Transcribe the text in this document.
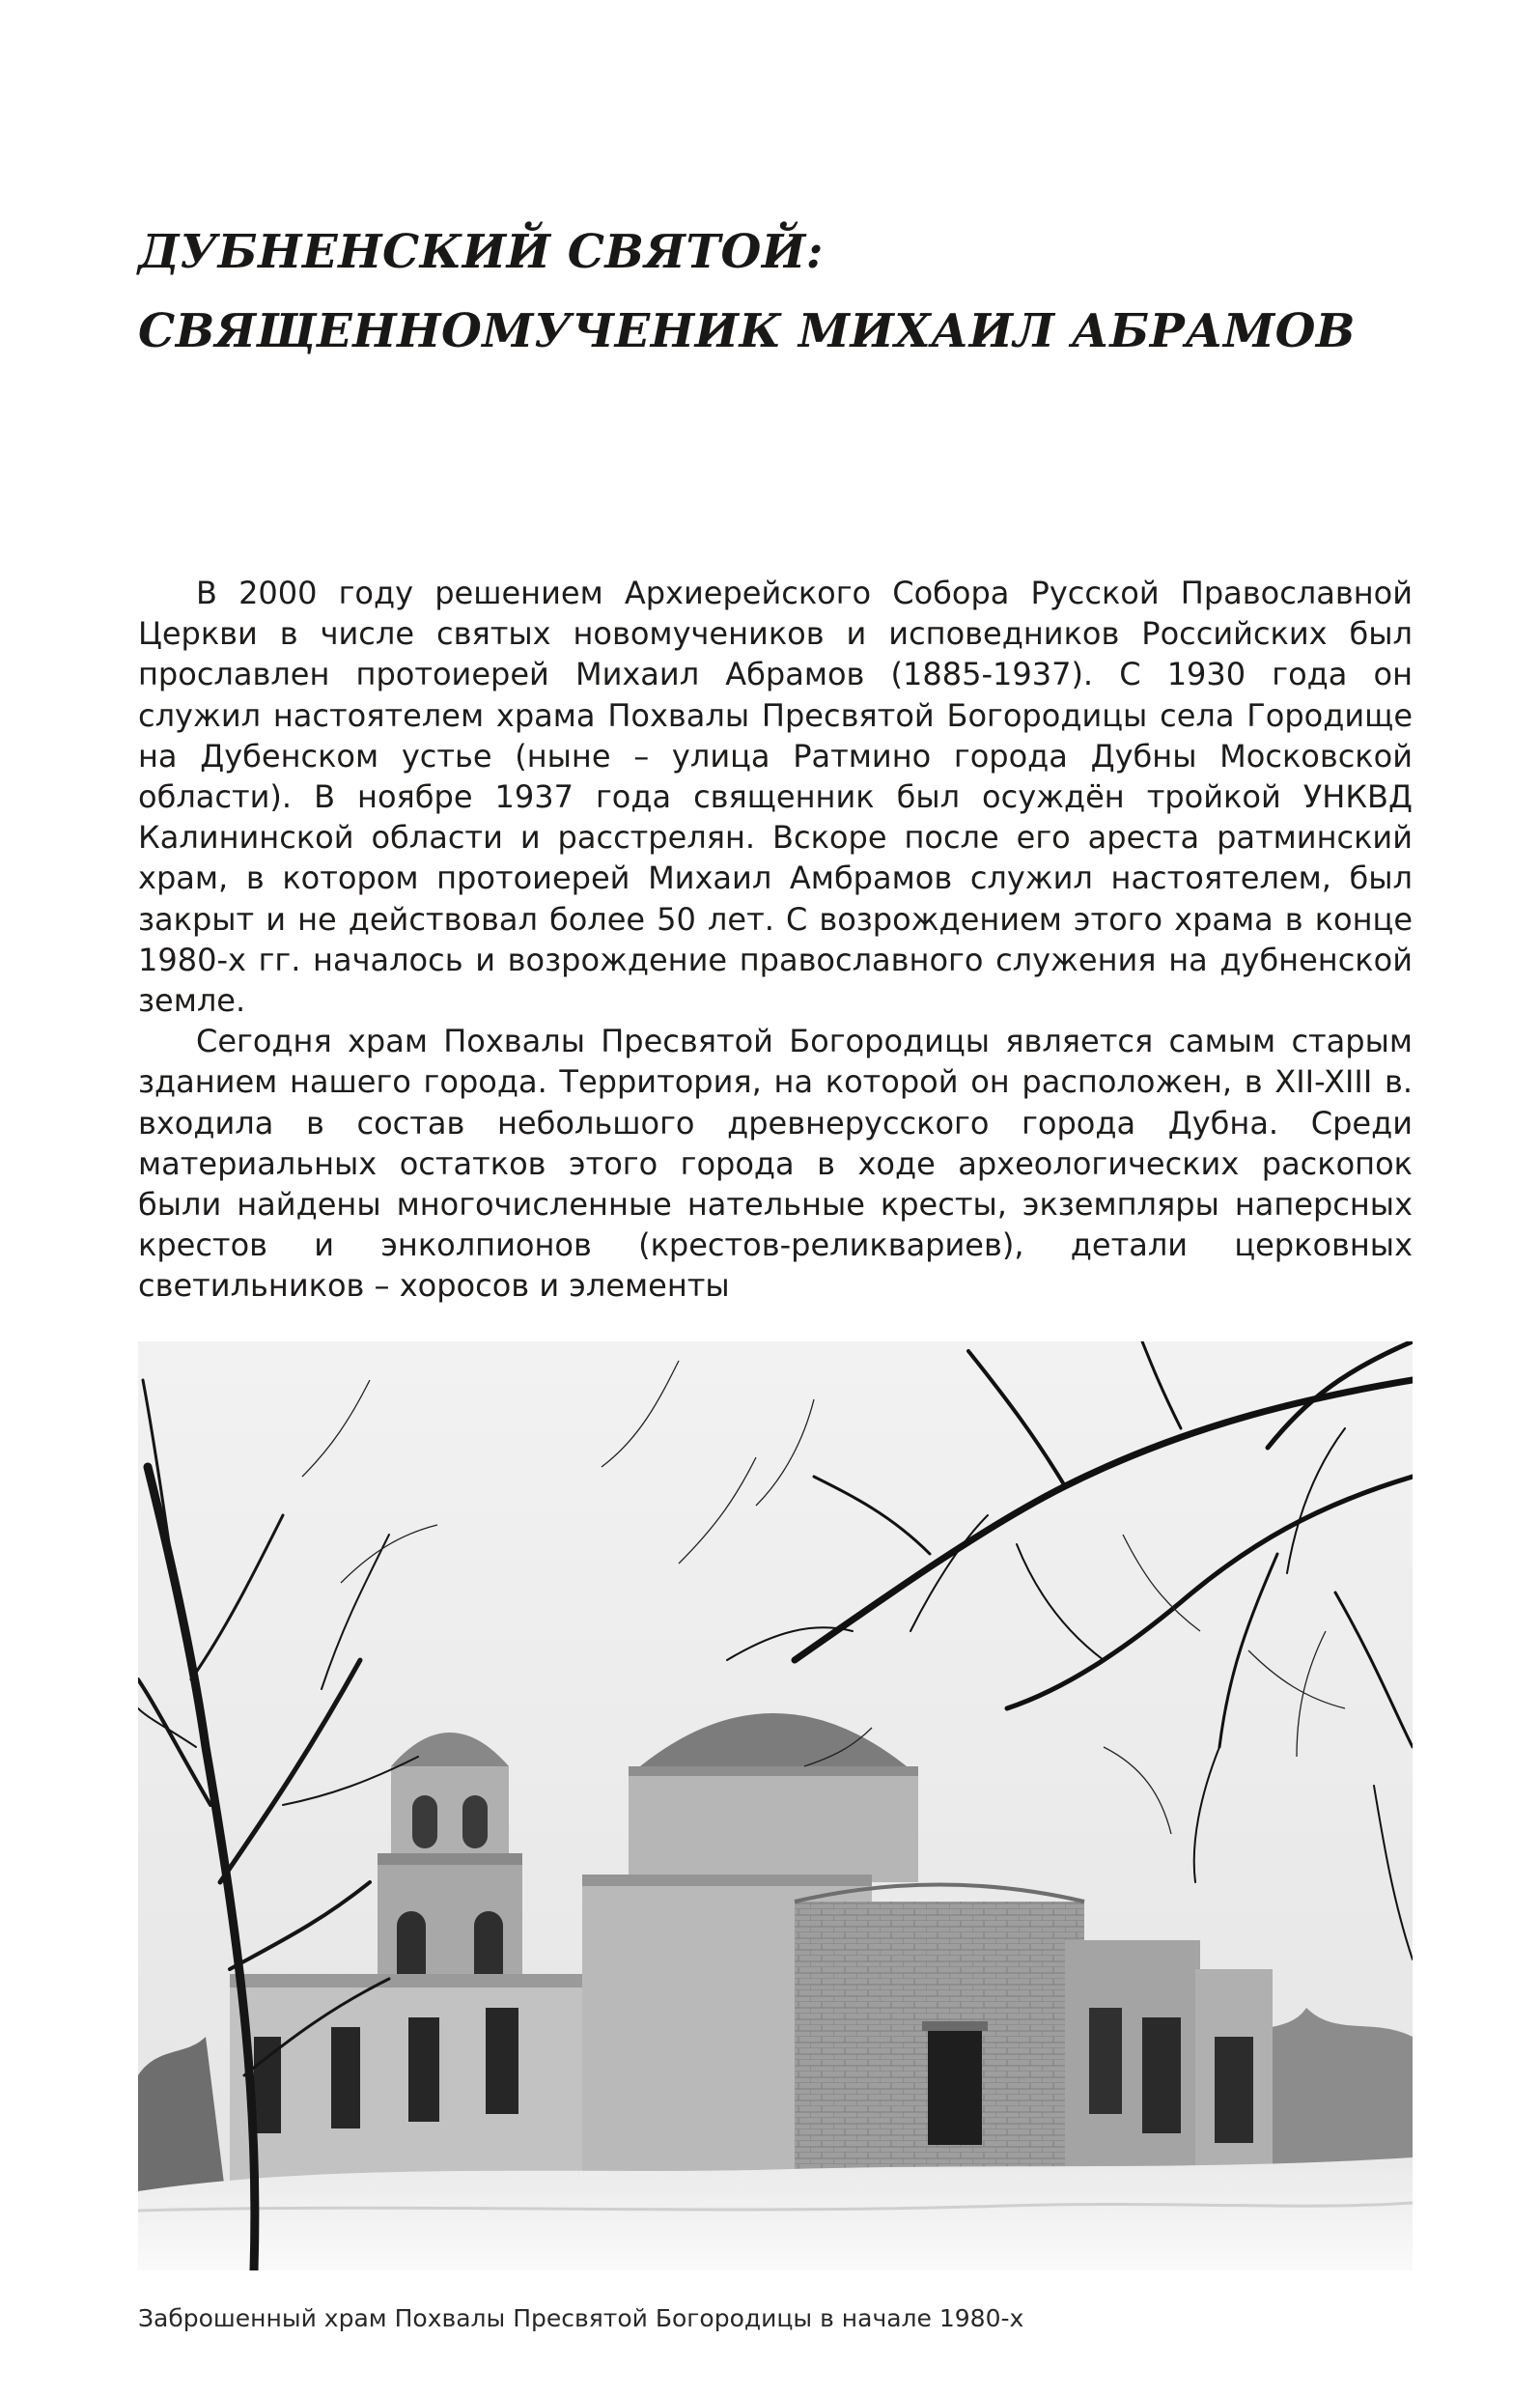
ДУБНЕНСКИЙ СВЯТОЙ:
СВЯЩЕННОМУЧЕНИК МИХАИЛ АБРАМОВ

В 2000 году решением Архиерейского Собора Русской Православной Церкви в числе святых новомучеников и исповедников Российских был прославлен протоиерей Михаил Абрамов (1885-1937). С 1930 года он служил настоятелем храма Похвалы Пресвятой Богородицы села Городище на Дубенском устье (ныне – улица Ратмино города Дубны Московской области). В ноябре 1937 года священник был осуждён тройкой УНКВД Калининской области и расстрелян. Вскоре после его ареста ратминский храм, в котором протоиерей Михаил Амбрамов служил настоятелем, был закрыт и не действовал более 50 лет. С возрождением этого храма в конце 1980-х гг. началось и возрождение православного служения на дубненской земле.

Сегодня храм Похвалы Пресвятой Богородицы является самым старым зданием нашего города. Территория, на которой он расположен, в XII-XIII в. входила в состав небольшого древнерусского города Дубна. Среди материальных остатков этого города в ходе археологических раскопок были найдены многочисленные нательные кресты, экземпляры наперсных крестов и энколпионов (крестов-реликвариев), детали церковных светильников – хоросов и элементы

Заброшенный храм Похвалы Пресвятой Богородицы в начале 1980-х
